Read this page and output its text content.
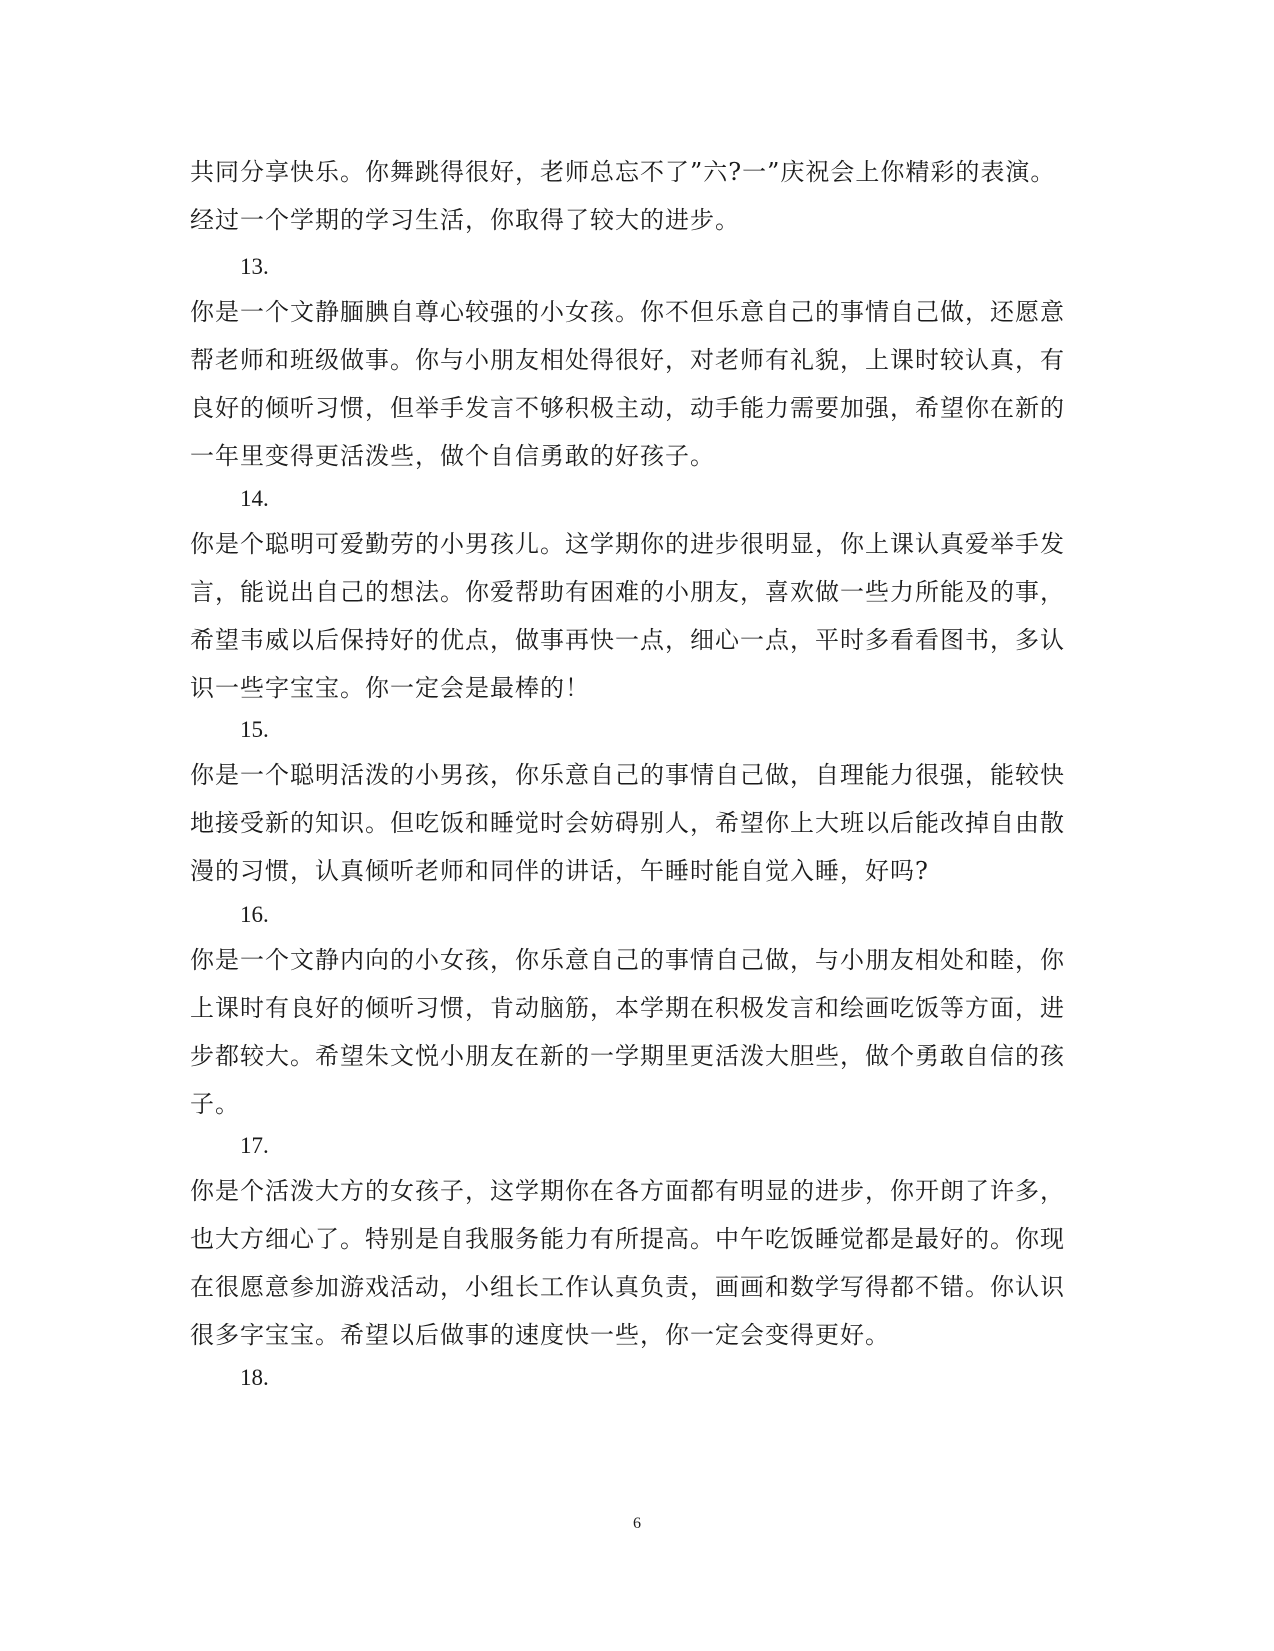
共同分享快乐。你舞跳得很好，老师总忘不了”六?一”庆祝会上你精彩的表演。
经过一个学期的学习生活，你取得了较大的进步。
13.
你是一个文静腼腆自尊心较强的小女孩。你不但乐意自己的事情自己做，还愿意
帮老师和班级做事。你与小朋友相处得很好，对老师有礼貌，上课时较认真，有
良好的倾听习惯，但举手发言不够积极主动，动手能力需要加强，希望你在新的
一年里变得更活泼些，做个自信勇敢的好孩子。
14.
你是个聪明可爱勤劳的小男孩儿。这学期你的进步很明显，你上课认真爱举手发
言，能说出自己的想法。你爱帮助有困难的小朋友，喜欢做一些力所能及的事，
希望韦威以后保持好的优点，做事再快一点，细心一点，平时多看看图书，多认
识一些字宝宝。你一定会是最棒的！
15.
你是一个聪明活泼的小男孩，你乐意自己的事情自己做，自理能力很强，能较快
地接受新的知识。但吃饭和睡觉时会妨碍别人，希望你上大班以后能改掉自由散
漫的习惯，认真倾听老师和同伴的讲话，午睡时能自觉入睡，好吗?
16.
你是一个文静内向的小女孩，你乐意自己的事情自己做，与小朋友相处和睦，你
上课时有良好的倾听习惯，肯动脑筋，本学期在积极发言和绘画吃饭等方面，进
步都较大。希望朱文悦小朋友在新的一学期里更活泼大胆些，做个勇敢自信的孩
子。
17.
你是个活泼大方的女孩子，这学期你在各方面都有明显的进步，你开朗了许多，
也大方细心了。特别是自我服务能力有所提高。中午吃饭睡觉都是最好的。你现
在很愿意参加游戏活动，小组长工作认真负责，画画和数学写得都不错。你认识
很多字宝宝。希望以后做事的速度快一些，你一定会变得更好。
18.
6
